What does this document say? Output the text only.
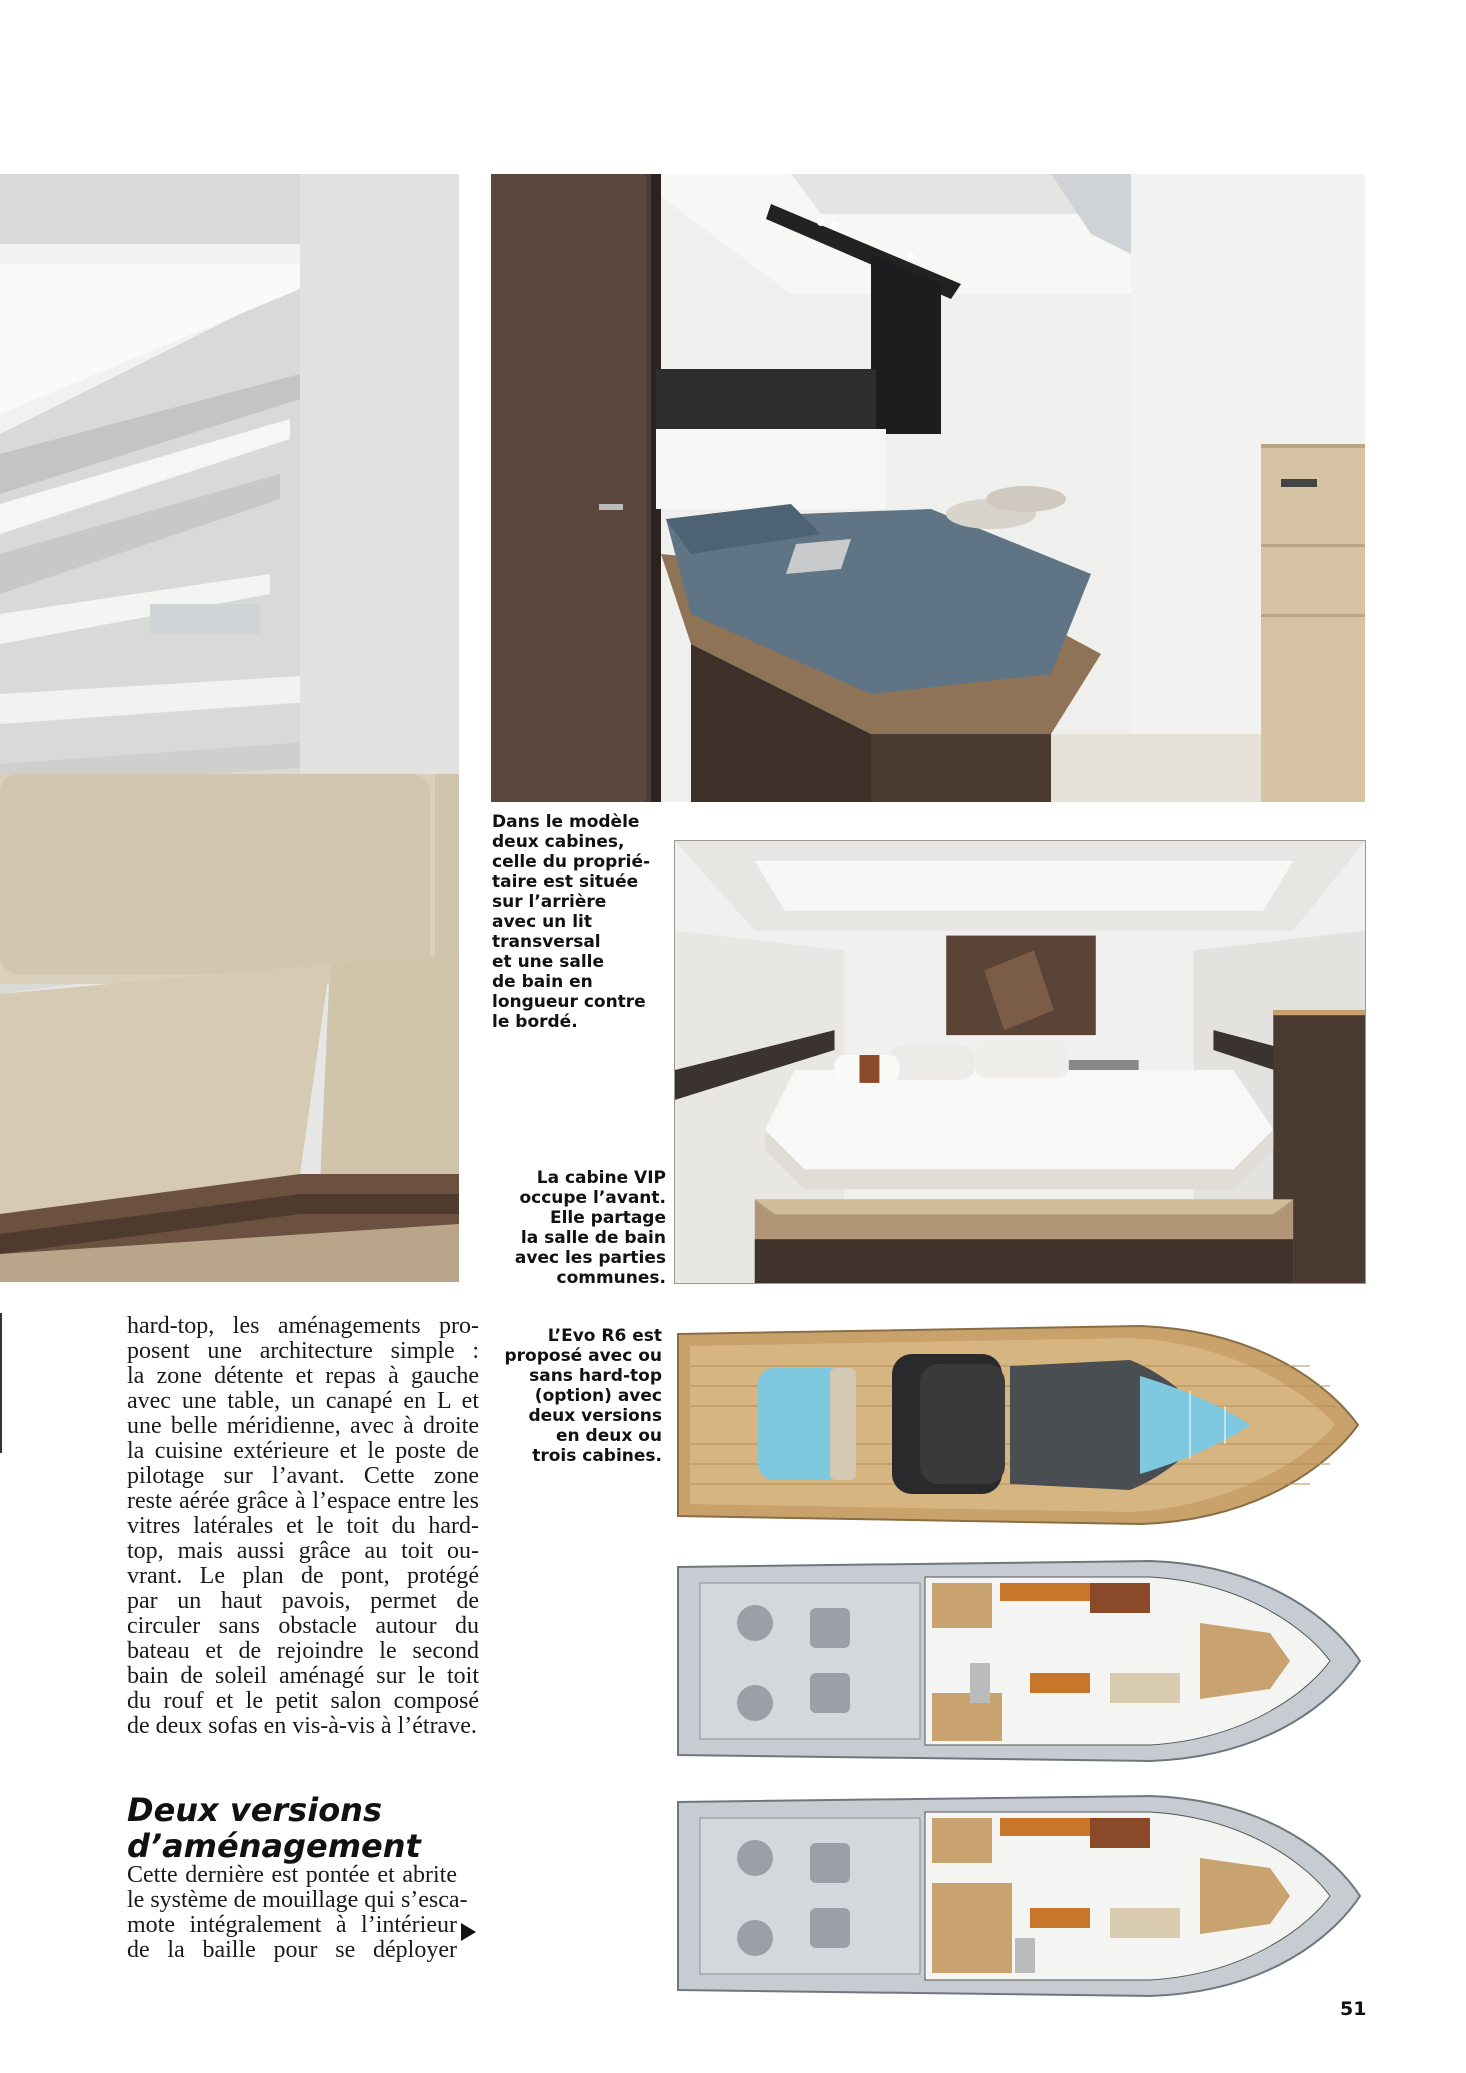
Dans le modèle
deux cabines,
celle du proprié-
taire est située
sur l’arrière
avec un lit
transversal
et une salle
de bain en
longueur contre
le bordé.
La cabine VIP
occupe l’avant.
Elle partage
la salle de bain
avec les parties
communes.
L’Evo R6 est
proposé avec ou
sans hard-top
(option) avec
deux versions
en deux ou
trois cabines.
hard-top, les aménagements pro-
posent une architecture simple :
la zone détente et repas à gauche
avec une table, un canapé en L et
une belle méridienne, avec à droite
la cuisine extérieure et le poste de
pilotage sur l’avant. Cette zone
reste aérée grâce à l’espace entre les
vitres latérales et le toit du hard-
top, mais aussi grâce au toit ou-
vrant. Le plan de pont, protégé
par un haut pavois, permet de
circuler sans obstacle autour du
bateau et de rejoindre le second
bain de soleil aménagé sur le toit
du rouf et le petit salon composé
de deux sofas en vis-à-vis à l’étrave.
Deux versions
d’aménagement
Cette dernière est pontée et abrite
le système de mouillage qui s’esca-
mote intégralement à l’intérieur
de la baille pour se déployer
51
